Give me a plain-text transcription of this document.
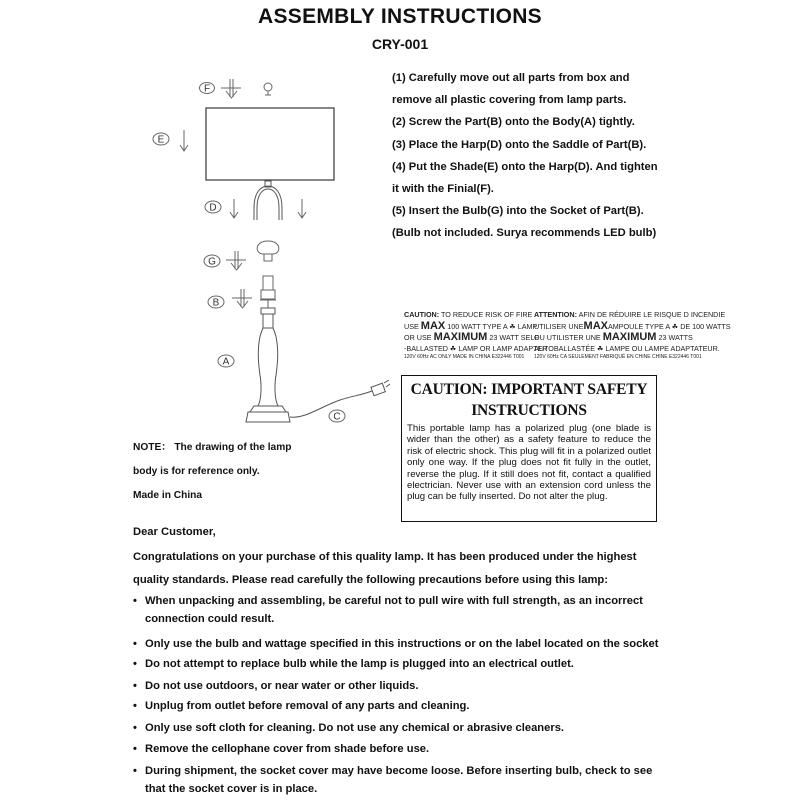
ASSEMBLY INSTRUCTIONS
CRY-001
F
E
D
G
B
A
C
(1) Carefully move out all parts from box and
remove all plastic covering from lamp parts.
(2) Screw the Part(B) onto the Body(A) tightly.
(3) Place the Harp(D) onto the Saddle of Part(B).
(4) Put the Shade(E) onto the Harp(D). And tighten
it with the Finial(F).
(5) Insert the Bulb(G) into the Socket of Part(B).
(Bulb not included. Surya recommends LED bulb)
CAUTION: TO REDUCE RISK OF FIRE
USE MAX 100 WATT TYPE A ☘ LAMP
OR USE MAXIMUM 23 WATT SELF
-BALLASTED ☘ LAMP OR LAMP ADAPTER
120V 60Hz AC ONLY MADE IN CHINA E322446 T001
ATTENTION: AFIN DE RÉDUIRE LE RISQUE D INCENDIE
UTILISER UNEMAXAMPOULE TYPE A ☘ DE 100 WATTS
OU UTILISTER UNE MAXIMUM 23 WATTS
AUTOBALLASTÉE ☘ LAMPE OU LAMPE ADAPTATEUR.
120V 60Hz CA SEULEMENT FABRIQUÉ EN CHINE CHINE E322446 T001
CAUTION: IMPORTANT SAFETY
INSTRUCTIONS
This portable lamp has a polarized plug (one blade is wider than the other) as a safety feature to reduce the risk of electric shock. This plug will fit in a polarized outlet only one way. If the plug does not fit fully in the outlet, reverse the plug. If it still does not fit, contact a qualified electrician. Never use with an extension cord unless the plug can be fully inserted. Do not alter the plug.
NOTE： The drawing of the lamp
body is for reference only.
Made in China
Dear Customer,
Congratulations on your purchase of this quality lamp. It has been produced under the highest
quality standards. Please read carefully the following precautions before using this lamp:
• When unpacking and assembling, be careful not to pull wire with full strength, as an incorrect
connection could result.
• Only use the bulb and wattage specified in this instructions or on the label located on the socket
• Do not attempt to replace bulb while the lamp is plugged into an electrical outlet.
• Do not use outdoors, or near water or other liquids.
• Unplug from outlet before removal of any parts and cleaning.
• Only use soft cloth for cleaning. Do not use any chemical or abrasive cleaners.
• Remove the cellophane cover from shade before use.
• During shipment, the socket cover may have become loose. Before inserting bulb, check to see
that the socket cover is in place.
